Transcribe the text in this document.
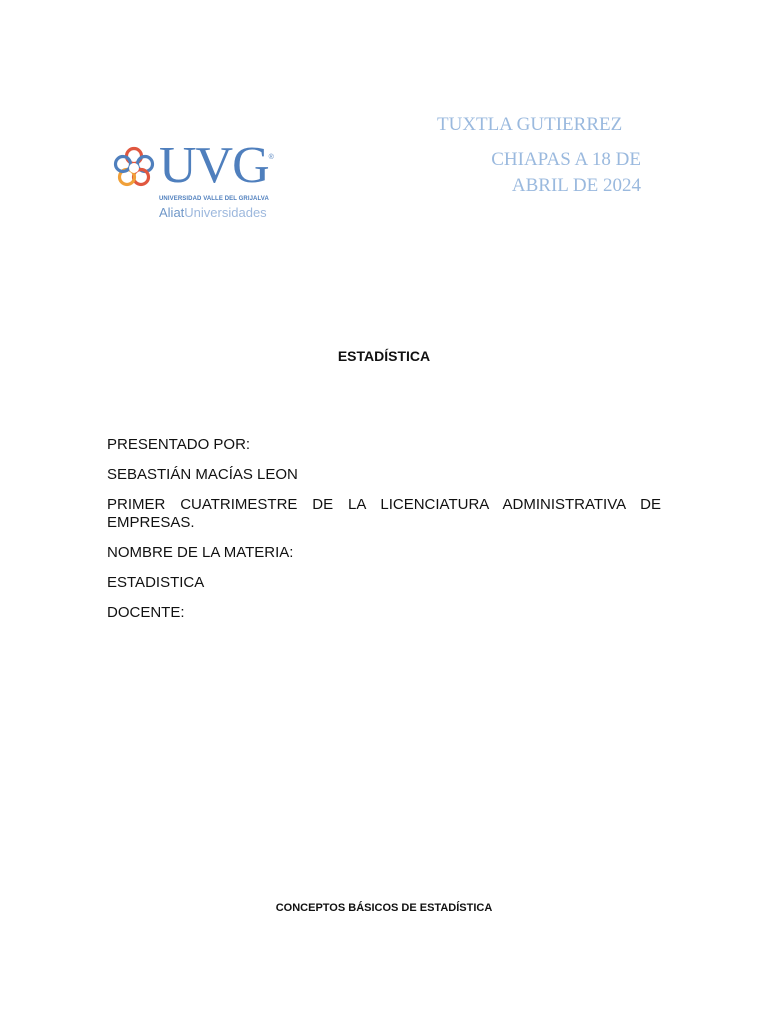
UVG®
UNIVERSIDAD VALLE DEL GRIJALVA
AliatUniversidades
TUXTLA GUTIERREZ
CHIAPAS A 18 DE
ABRIL DE 2024
ESTADÍSTICA

PRESENTADO POR:

SEBASTIÁN MACÍAS LEON

PRIMER CUATRIMESTRE DE LA LICENCIATURA ADMINISTRATIVA DE EMPRESAS.

NOMBRE DE LA MATERIA:

ESTADISTICA

DOCENTE:

CONCEPTOS BÁSICOS DE ESTADÍSTICA
